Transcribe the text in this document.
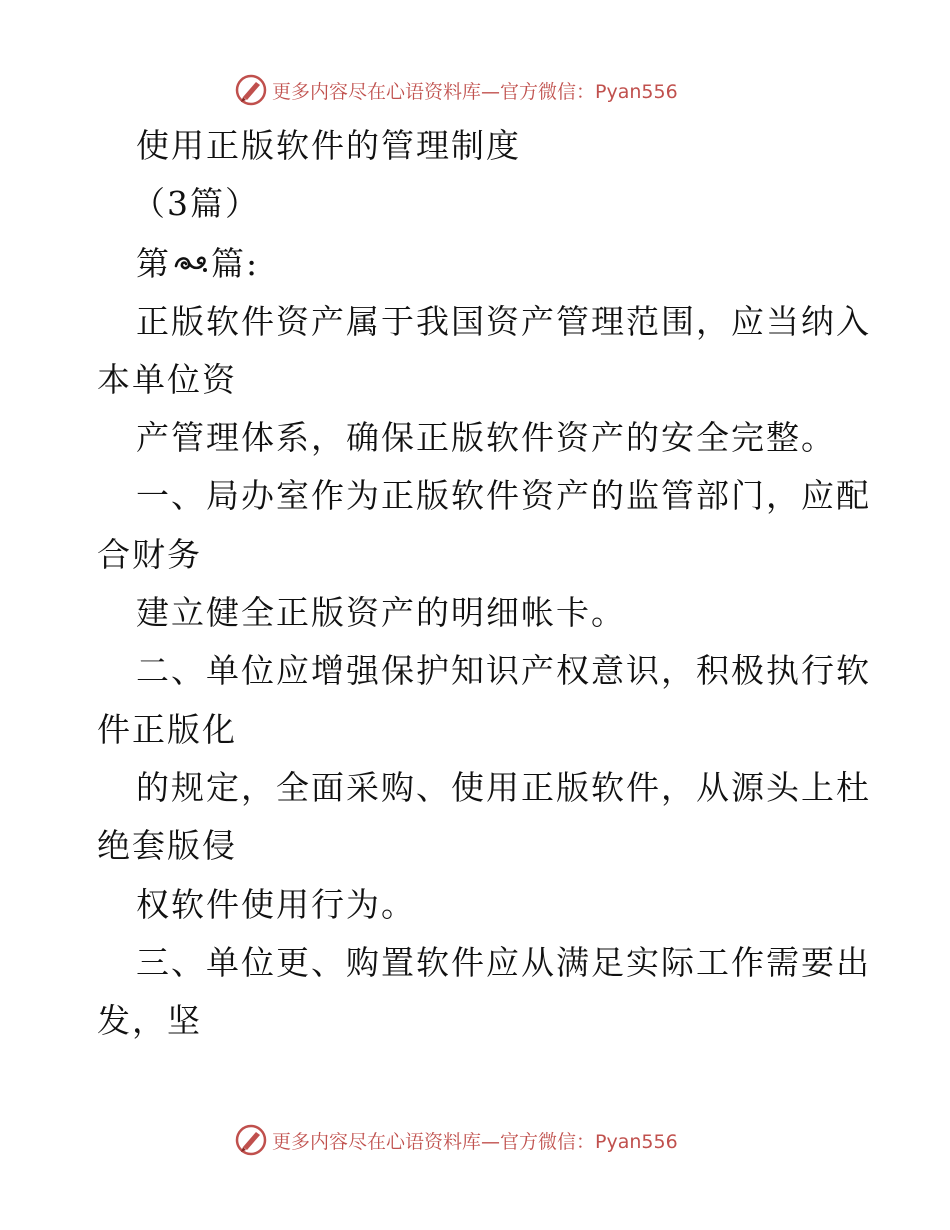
更多内容尽在心语资料库— 官方微信：Pyan556
使用正版软件的管理制度
（3篇）
第 篇:
正版软件资产属于我国资产管理范围，应当纳入
本单位资
产管理体系，确保正版软件资产的安全完整。
一、局办室作为正版软件资产的监管部门，应配
合财务
建立健全正版资产的明细帐卡。
二、单位应增强保护知识产权意识，积极执行软
件正版化
的规定，全面采购、使用正版软件，从源头上杜
绝套版侵
权软件使用行为。
三、单位更、购置软件应从满足实际工作需要出
发，坚
更多内容尽在心语资料库— 官方微信：Pyan556
